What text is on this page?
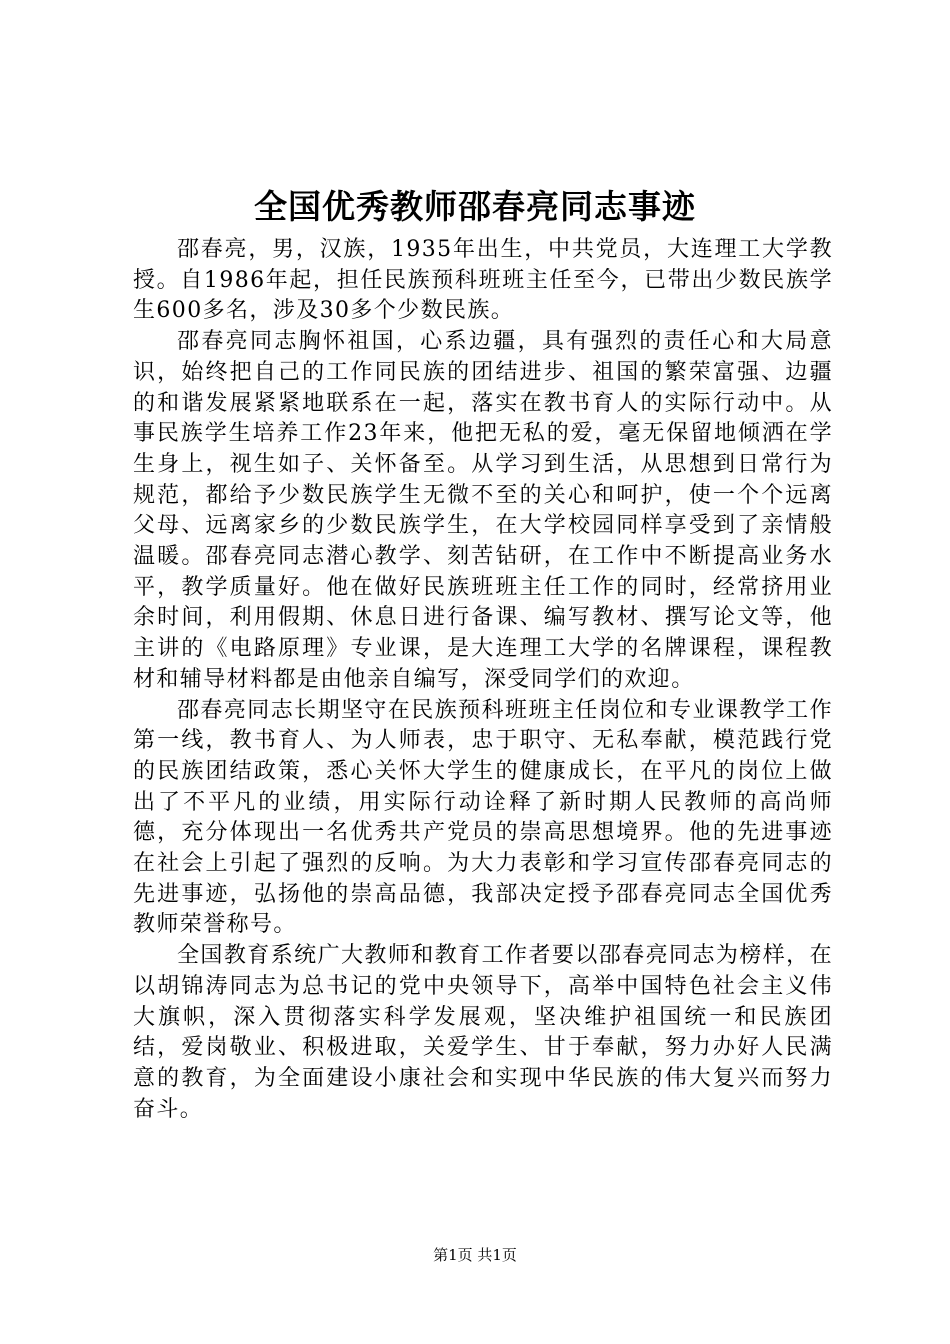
全国优秀教师邵春亮同志事迹

邵春亮，男，汉族，1935年出生，中共党员，大连理工大学教授。自1986年起，担任民族预科班班主任至今，已带出少数民族学生600多名，涉及30多个少数民族。

邵春亮同志胸怀祖国，心系边疆，具有强烈的责任心和大局意识，始终把自己的工作同民族的团结进步、祖国的繁荣富强、边疆的和谐发展紧紧地联系在一起，落实在教书育人的实际行动中。从事民族学生培养工作23年来，他把无私的爱，毫无保留地倾洒在学生身上，视生如子、关怀备至。从学习到生活，从思想到日常行为规范，都给予少数民族学生无微不至的关心和呵护，使一个个远离父母、远离家乡的少数民族学生，在大学校园同样享受到了亲情般温暖。邵春亮同志潜心教学、刻苦钻研，在工作中不断提高业务水平，教学质量好。他在做好民族班班主任工作的同时，经常挤用业余时间，利用假期、休息日进行备课、编写教材、撰写论文等，他主讲的《电路原理》专业课，是大连理工大学的名牌课程，课程教材和辅导材料都是由他亲自编写，深受同学们的欢迎。

邵春亮同志长期坚守在民族预科班班主任岗位和专业课教学工作第一线，教书育人、为人师表，忠于职守、无私奉献，模范践行党的民族团结政策，悉心关怀大学生的健康成长，在平凡的岗位上做出了不平凡的业绩，用实际行动诠释了新时期人民教师的高尚师德，充分体现出一名优秀共产党员的崇高思想境界。他的先进事迹在社会上引起了强烈的反响。为大力表彰和学习宣传邵春亮同志的先进事迹，弘扬他的崇高品德，我部决定授予邵春亮同志全国优秀教师荣誉称号。

全国教育系统广大教师和教育工作者要以邵春亮同志为榜样，在以胡锦涛同志为总书记的党中央领导下，高举中国特色社会主义伟大旗帜，深入贯彻落实科学发展观，坚决维护祖国统一和民族团结，爱岗敬业、积极进取，关爱学生、甘于奉献，努力办好人民满意的教育，为全面建设小康社会和实现中华民族的伟大复兴而努力奋斗。

第1页 共1页
